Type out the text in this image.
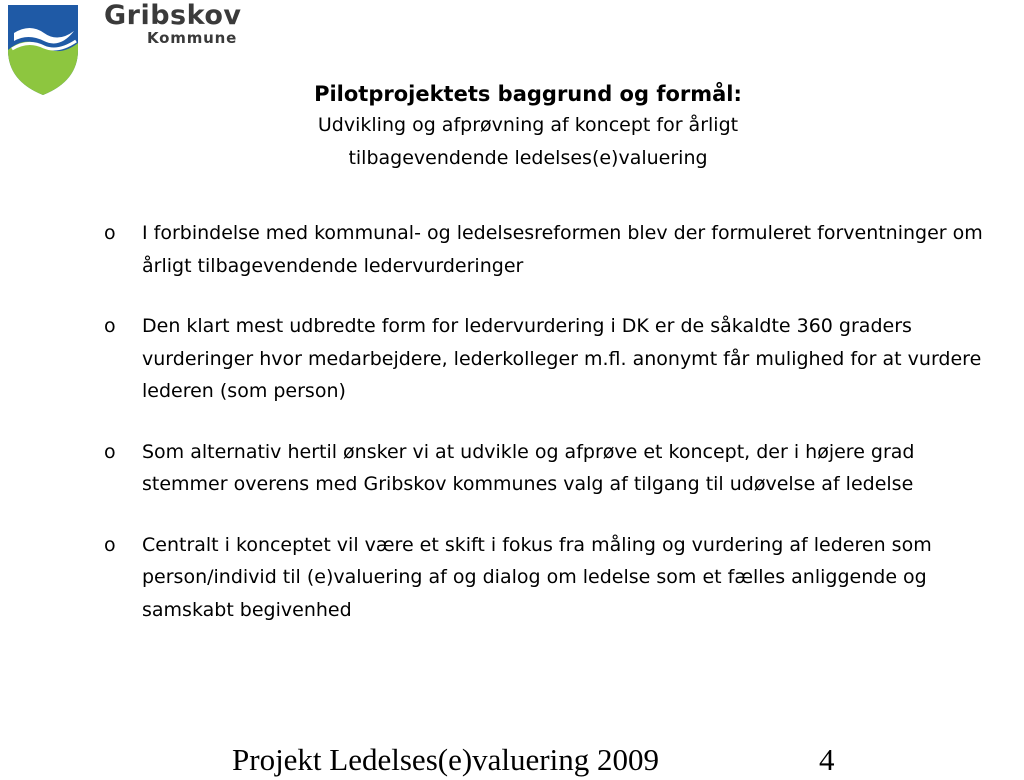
Gribskov
Kommune
Pilotprojektets baggrund og formål:
Udvikling og afprøvning af koncept for årligt
tilbagevendende ledelses(e)valuering
o	I forbindelse med kommunal- og ledelsesreformen blev der formuleret forventninger om årligt tilbagevendende ledervurderinger
o	Den klart mest udbredte form for ledervurdering i DK er de såkaldte 360 graders vurderinger hvor medarbejdere, lederkolleger m.fl. anonymt får mulighed for at vurdere lederen (som person)
o	Som alternativ hertil ønsker vi at udvikle og afprøve et koncept, der i højere grad stemmer overens med Gribskov kommunes valg af tilgang til udøvelse af ledelse
o	Centralt i konceptet vil være et skift i fokus fra måling og vurdering af lederen som person/individ til (e)valuering af og dialog om ledelse som et fælles anliggende og samskabt begivenhed
Projekt Ledelses(e)valuering 2009	4
